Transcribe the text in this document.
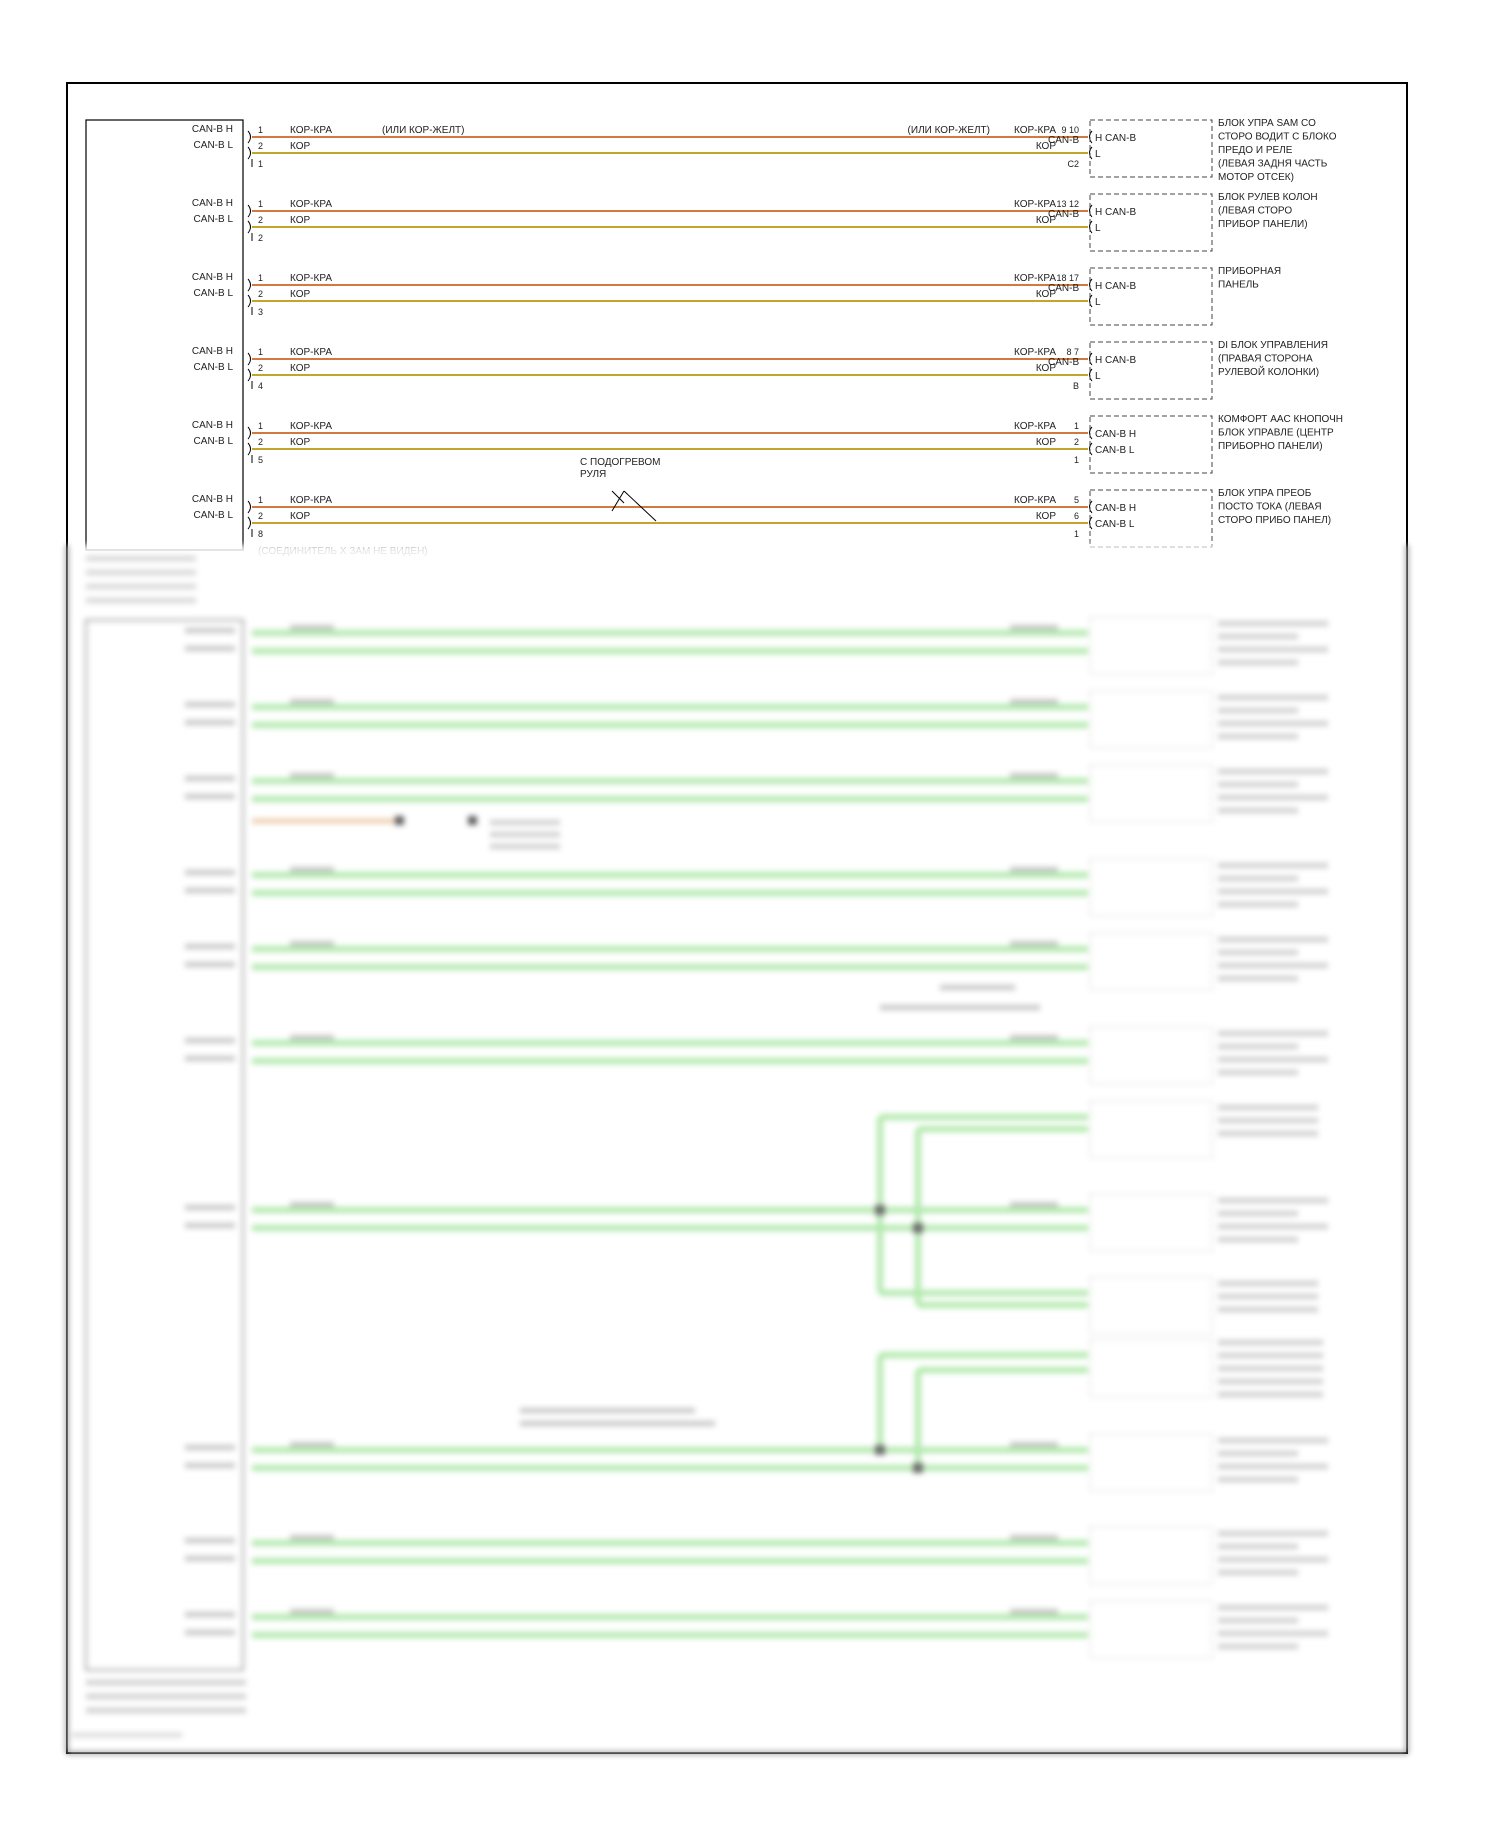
CAN-B H
CAN-B L
1
2
1
КОР-КРА
КОР
(ИЛИ КОР-ЖЕЛТ)	(ИЛИ КОР-ЖЕЛТ) КОР-КРА
КОР
9 10
C2
H CAN-B
L
CAN-B
БЛОК УПРА SAM CO
СТОРО ВОДИТ С БЛОКО
ПРЕДО И РЕЛЕ
(ЛЕВАЯ ЗАДНЯ ЧАСТЬ
МОТОР ОТСЕК)
CAN-B H
CAN-B L
1
2
2
КОР-КРА
КОР
КОР-КРА
КОР
13 12
H CAN-B
L
CAN-B
БЛОК РУЛЕВ КОЛОН
(ЛЕВАЯ СТОРО
ПРИБОР ПАНЕЛИ)
CAN-B H
CAN-B L
1
2
3
КОР-КРА
КОР
КОР-КРА
КОР
18 17
H CAN-B
L
CAN-B
ПРИБОРНАЯ
ПАНЕЛЬ
CAN-B H
CAN-B L
1
2
4
КОР-КРА
КОР
КОР-КРА
КОР
8 7
B
H CAN-B
L
CAN-B
DI БЛОК УПРАВЛЕНИЯ
(ПРАВАЯ СТОРОНА
РУЛЕВОЙ КОЛОНКИ)
CAN-B H
CAN-B L
1
2
5
КОР-КРА
КОР
КОР-КРА
КОР
1
2
1
CAN-B H
CAN-B L
КОМФОРТ AAC КНОПОЧН
БЛОК УПРАВЛЕ (ЦЕНТР
ПРИБОРНО ПАНЕЛИ)
CAN-B H
CAN-B L
1
2
8
КОР-КРА
КОР
КОР-КРА
КОР
5
6
1
CAN-B H
CAN-B L
БЛОК УПРА ПРЕОБ
ПОСТО ТОКА (ЛЕВАЯ
СТОРО ПРИБО ПАНЕЛ)
С ПОДОГРЕВОМ
РУЛЯ
